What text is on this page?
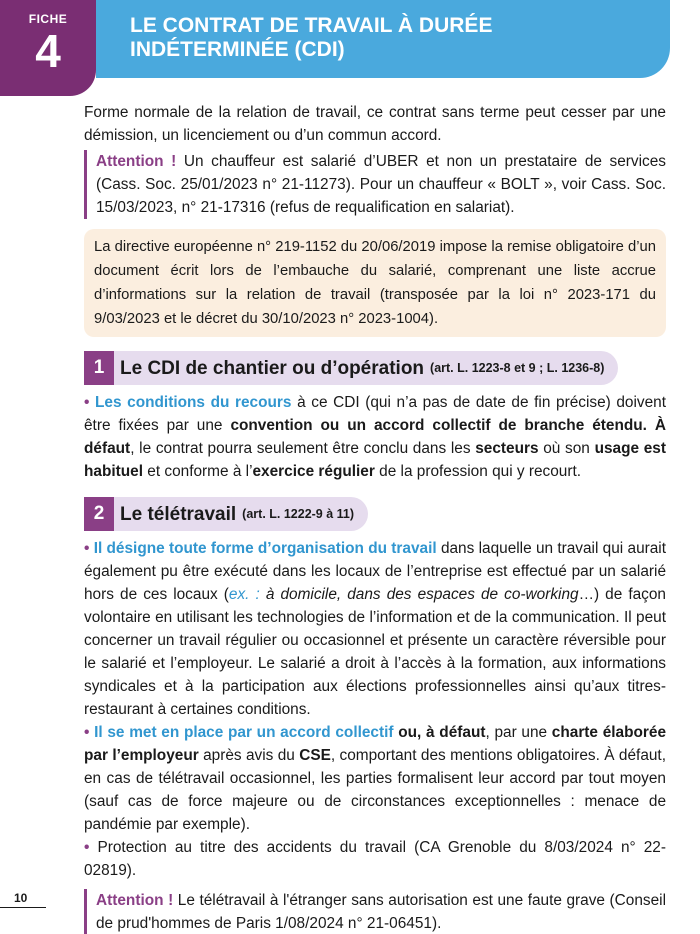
FICHE
4	LE CONTRAT DE TRAVAIL À DURÉE
INDÉTERMINÉE (CDI)

Forme normale de la relation de travail, ce contrat sans terme peut cesser par une démission, un licenciement ou d’un commun accord.

Attention ! Un chauffeur est salarié d’UBER et non un prestataire de services (Cass. Soc. 25/01/2023 n° 21-11273). Pour un chauffeur « BOLT », voir Cass. Soc. 15/03/2023, n° 21-17316 (refus de requalification en salariat).

La directive européenne n° 219-1152 du 20/06/2019 impose la remise obligatoire d’un document écrit lors de l’embauche du salarié, comprenant une liste accrue d’informations sur la relation de travail (transposée par la loi n° 2023-171 du 9/03/2023 et le décret du 30/10/2023 n° 2023-1004).

1 Le CDI de chantier ou d’opération (art. L. 1223-8 et 9 ; L. 1236-8)

• Les conditions du recours à ce CDI (qui n’a pas de date de fin précise) doivent être fixées par une convention ou un accord collectif de branche étendu. À défaut, le contrat pourra seulement être conclu dans les secteurs où son usage est habituel et conforme à l’exercice régulier de la profession qui y recourt.

2 Le télétravail (art. L. 1222-9 à 11)

• Il désigne toute forme d’organisation du travail dans laquelle un travail qui aurait également pu être exécuté dans les locaux de l’entreprise est effectué par un salarié hors de ces locaux (ex. : à domicile, dans des espaces de co-working…) de façon volontaire en utilisant les technologies de l’information et de la communication. Il peut concerner un travail régulier ou occasionnel et présente un caractère réversible pour le salarié et l’employeur. Le salarié a droit à l’accès à la formation, aux informations syndicales et à la participation aux élections professionnelles ainsi qu’aux titres-restaurant à certaines conditions.

• Il se met en place par un accord collectif ou, à défaut, par une charte élaborée par l’employeur après avis du CSE, comportant des mentions obligatoires. À défaut, en cas de télétravail occasionnel, les parties formalisent leur accord par tout moyen (sauf cas de force majeure ou de circonstances exceptionnelles : menace de pandémie par exemple).

• Protection au titre des accidents du travail (CA Grenoble du 8/03/2024 n° 22-02819).

Attention ! Le télétravail à l'étranger sans autorisation est une faute grave (Conseil de prud'hommes de Paris 1/08/2024 n° 21-06451).

10
